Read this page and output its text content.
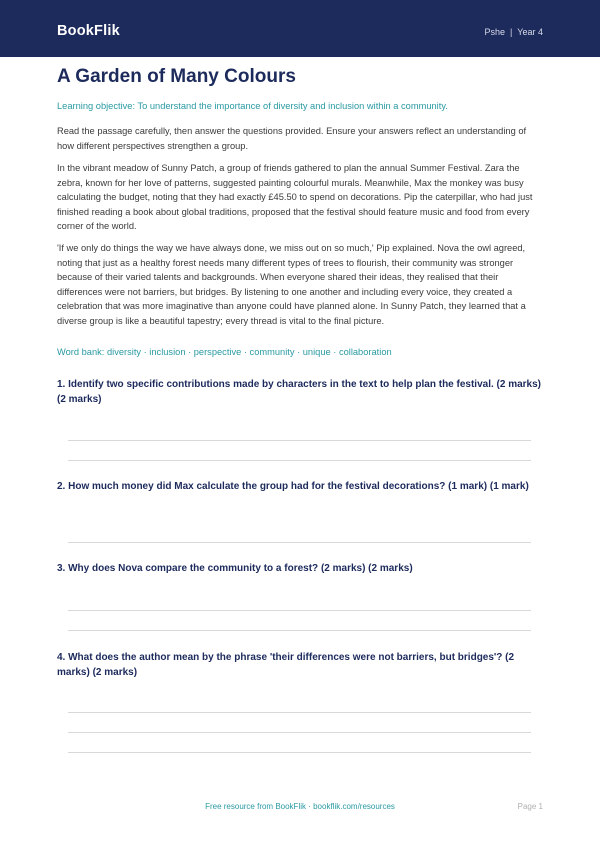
BookFlik	Pshe | Year 4
A Garden of Many Colours
Learning objective: To understand the importance of diversity and inclusion within a community.
Read the passage carefully, then answer the questions provided. Ensure your answers reflect an understanding of how different perspectives strengthen a group.
In the vibrant meadow of Sunny Patch, a group of friends gathered to plan the annual Summer Festival. Zara the zebra, known for her love of patterns, suggested painting colourful murals. Meanwhile, Max the monkey was busy calculating the budget, noting that they had exactly £45.50 to spend on decorations. Pip the caterpillar, who had just finished reading a book about global traditions, proposed that the festival should feature music and food from every corner of the world.
'If we only do things the way we have always done, we miss out on so much,' Pip explained. Nova the owl agreed, noting that just as a healthy forest needs many different types of trees to flourish, their community was stronger because of their varied talents and backgrounds. When everyone shared their ideas, they realised that their differences were not barriers, but bridges. By listening to one another and including every voice, they created a celebration that was more imaginative than anyone could have planned alone. In Sunny Patch, they learned that a diverse group is like a beautiful tapestry; every thread is vital to the final picture.
Word bank: diversity · inclusion · perspective · community · unique · collaboration
1. Identify two specific contributions made by characters in the text to help plan the festival. (2 marks) (2 marks)
2. How much money did Max calculate the group had for the festival decorations? (1 mark) (1 mark)
3. Why does Nova compare the community to a forest? (2 marks) (2 marks)
4. What does the author mean by the phrase 'their differences were not barriers, but bridges'? (2 marks) (2 marks)
Free resource from BookFlik · bookflik.com/resources	Page 1
